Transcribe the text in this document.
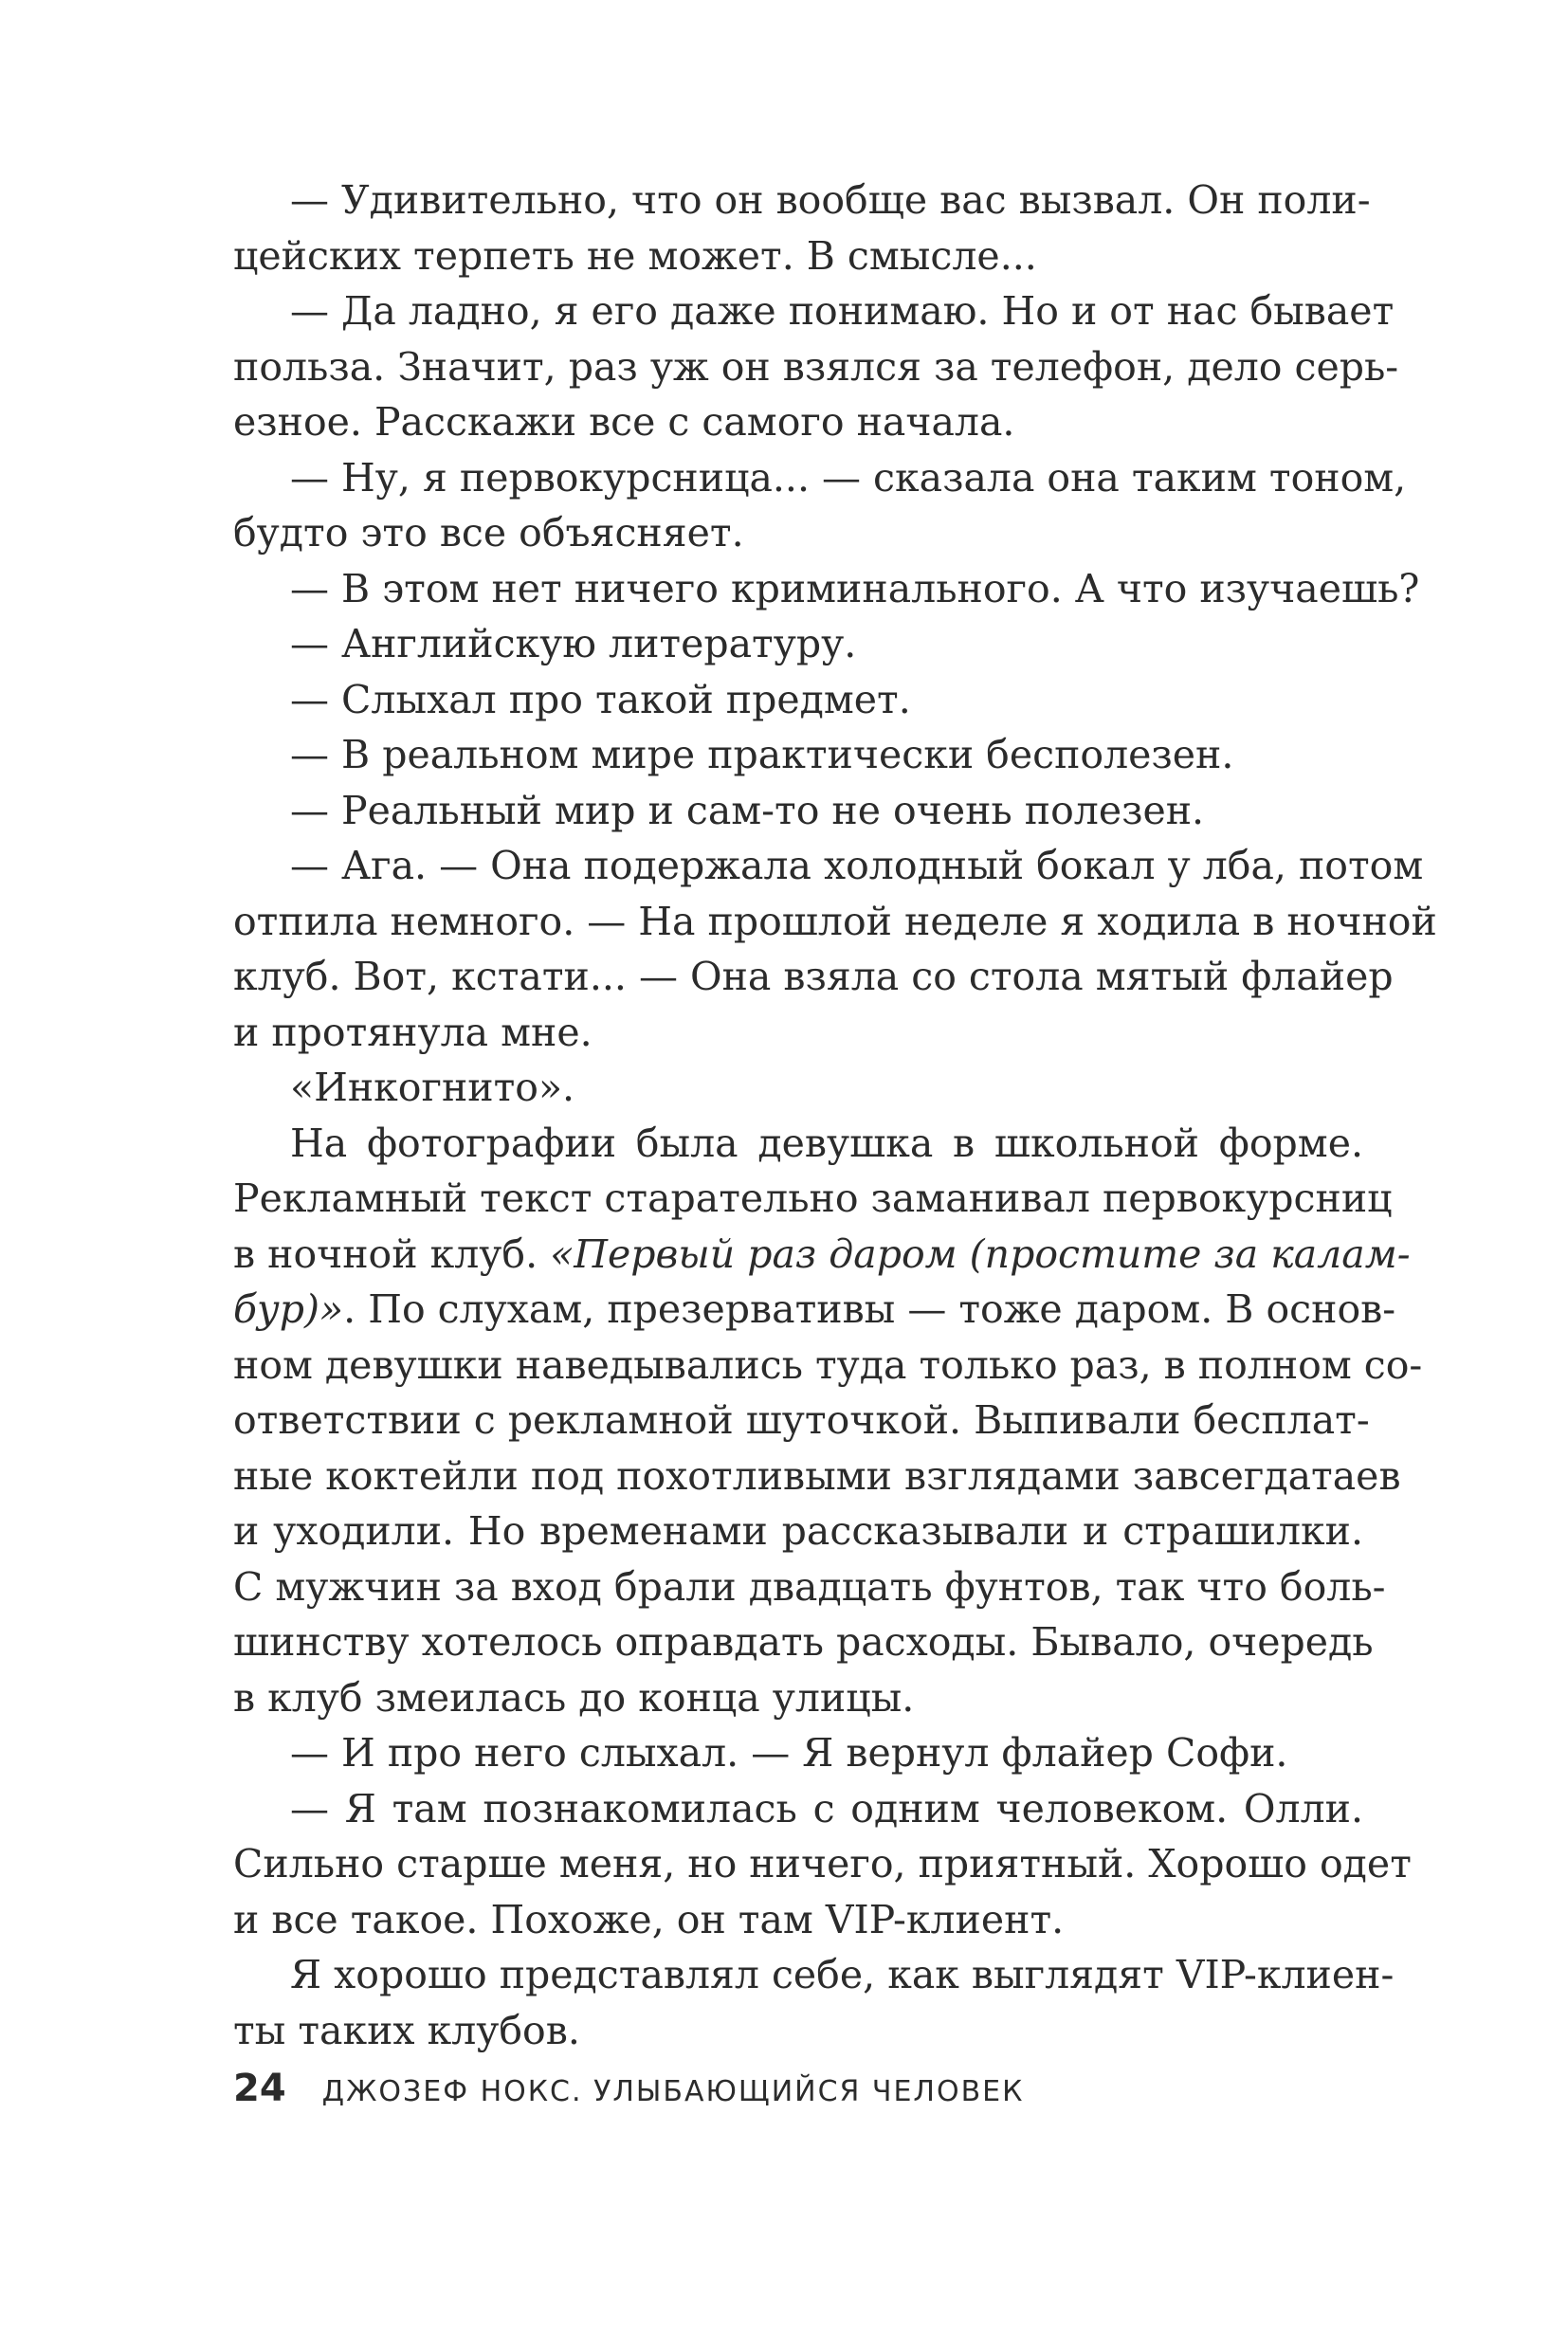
— Удивительно, что он вообще вас вызвал. Он поли-
цейских терпеть не может. В смысле...
— Да ладно, я его даже понимаю. Но и от нас бывает
польза. Значит, раз уж он взялся за телефон, дело серь-
езное. Расскажи все с самого начала.
— Ну, я первокурсница... — сказала она таким тоном,
будто это все объясняет.
— В этом нет ничего криминального. А что изучаешь?
— Английскую литературу.
— Слыхал про такой предмет.
— В реальном мире практически бесполезен.
— Реальный мир и сам-то не очень полезен.
— Ага. — Она подержала холодный бокал у лба, потом
отпила немного. — На прошлой неделе я ходила в ночной
клуб. Вот, кстати... — Она взяла со стола мятый флайер
и протянула мне.
«Инкогнито».
На фотографии была девушка в школьной форме.
Рекламный текст старательно заманивал первокурсниц
в ночной клуб. «Первый раз даром (простите за калам-
бур)». По слухам, презервативы — тоже даром. В основ-
ном девушки наведывались туда только раз, в полном со-
ответствии с рекламной шуточкой. Выпивали бесплат-
ные коктейли под похотливыми взглядами завсегдатаев
и уходили. Но временами рассказывали и страшилки.
С мужчин за вход брали двадцать фунтов, так что боль-
шинству хотелось оправдать расходы. Бывало, очередь
в клуб змеилась до конца улицы.
— И про него слыхал. — Я вернул флайер Софи.
— Я там познакомилась с одним человеком. Олли.
Сильно старше меня, но ничего, приятный. Хорошо одет
и все такое. Похоже, он там VIP-клиент.
Я хорошо представлял себе, как выглядят VIP-клиен-
ты таких клубов.
24 ДЖОЗЕФ НОКС. УЛЫБАЮЩИЙСЯ ЧЕЛОВЕК
